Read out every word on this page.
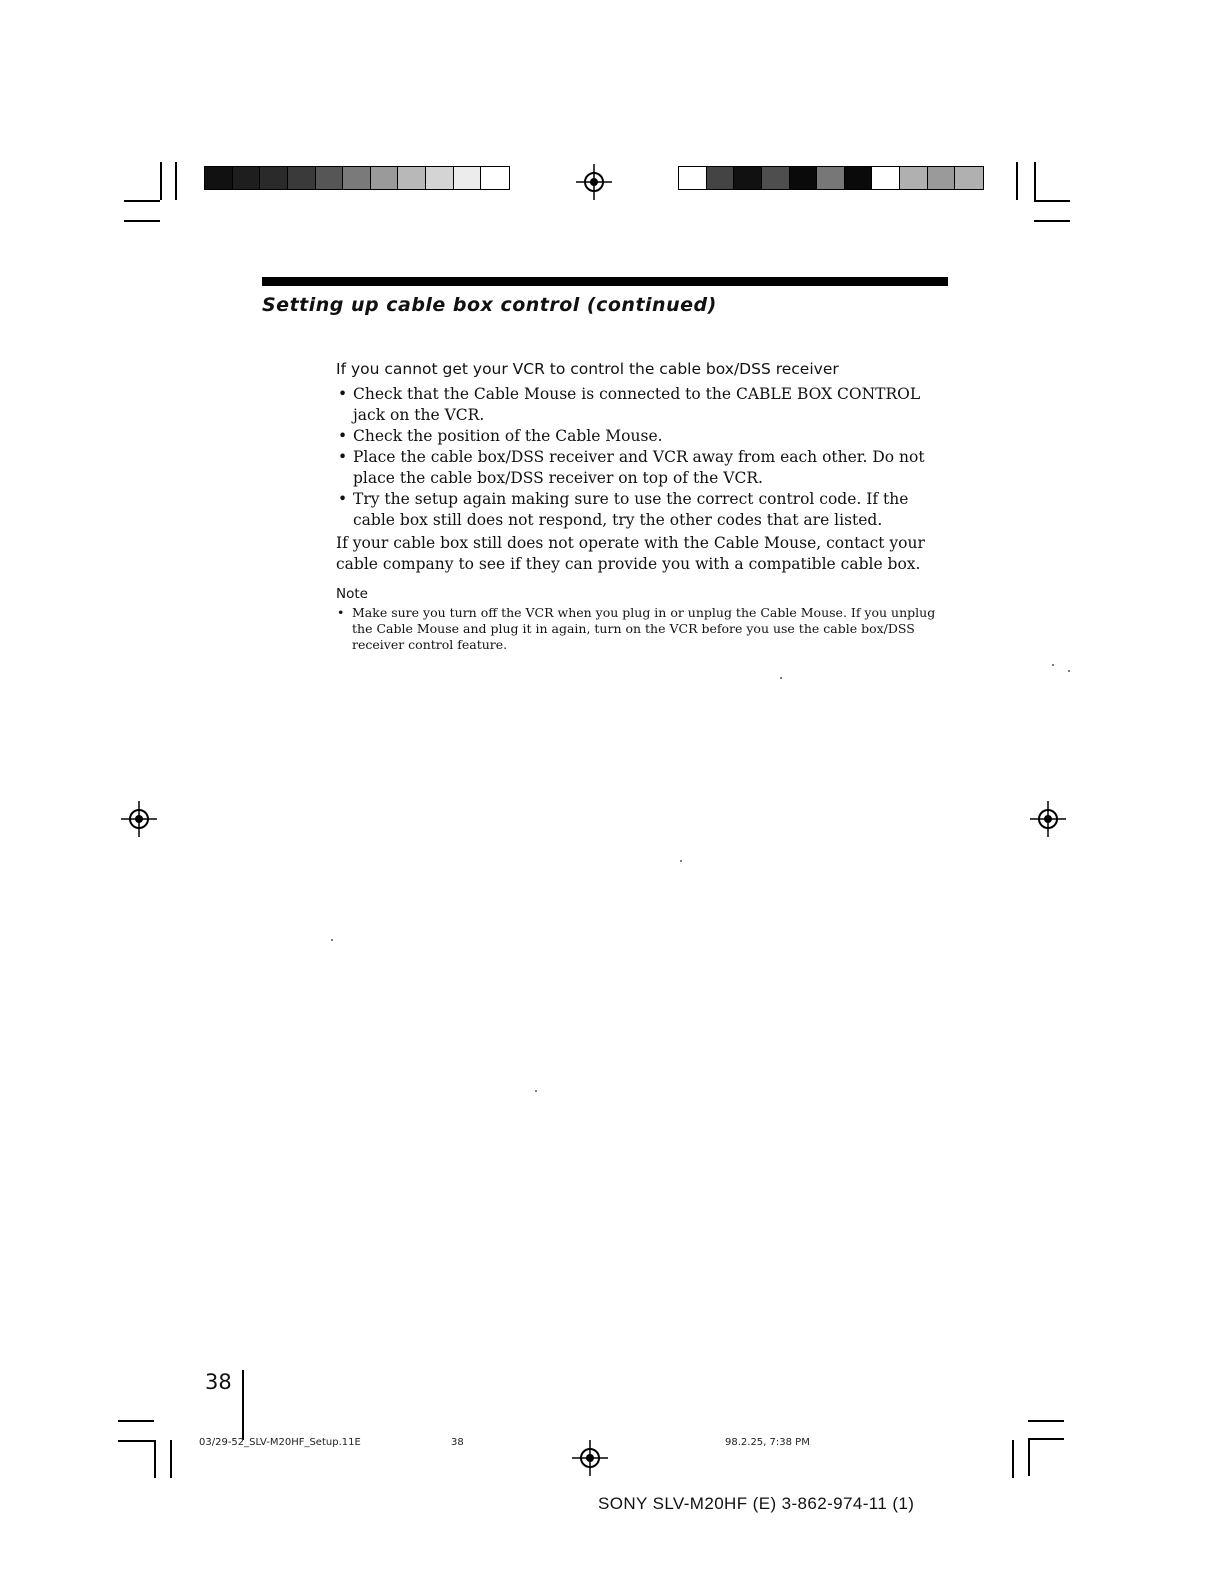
Setting up cable box control (continued)
If you cannot get your VCR to control the cable box/DSS receiver
• Check that the Cable Mouse is connected to the CABLE BOX CONTROL jack on the VCR.
• Check the position of the Cable Mouse.
• Place the cable box/DSS receiver and VCR away from each other. Do not place the cable box/DSS receiver on top of the VCR.
• Try the setup again making sure to use the correct control code. If the cable box still does not respond, try the other codes that are listed.

If your cable box still does not operate with the Cable Mouse, contact your cable company to see if they can provide you with a compatible cable box.

Note
• Make sure you turn off the VCR when you plug in or unplug the Cable Mouse. If you unplug the Cable Mouse and plug it in again, turn on the VCR before you use the cable box/DSS receiver control feature.
38
03/29-52_SLV-M20HF_Setup.11E	38	98.2.25, 7:38 PM
SONY SLV-M20HF (E) 3-862-974-11 (1)
